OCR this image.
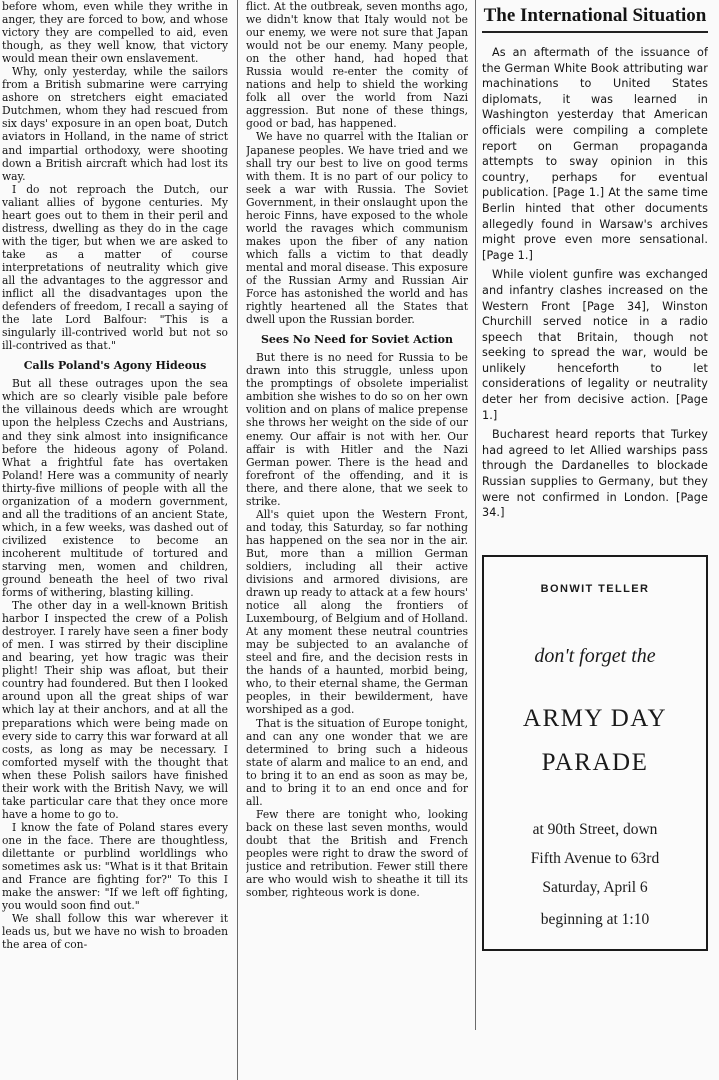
before whom, even while they writhe in anger, they are forced to bow, and whose victory they are compelled to aid, even though, as they well know, that victory would mean their own enslavement.

Why, only yesterday, while the sailors from a British submarine were carrying ashore on stretchers eight emaciated Dutchmen, whom they had rescued from six days' exposure in an open boat, Dutch aviators in Holland, in the name of strict and impartial orthodoxy, were shooting down a British aircraft which had lost its way.

I do not reproach the Dutch, our valiant allies of bygone centuries. My heart goes out to them in their peril and distress, dwelling as they do in the cage with the tiger, but when we are asked to take as a matter of course interpretations of neutrality which give all the advantages to the aggressor and inflict all the disadvantages upon the defenders of freedom, I recall a saying of the late Lord Balfour: "This is a singularly ill-contrived world but not so ill-contrived as that."

Calls Poland's Agony Hideous

But all these outrages upon the sea which are so clearly visible pale before the villainous deeds which are wrought upon the helpless Czechs and Austrians, and they sink almost into insignificance before the hideous agony of Poland. What a frightful fate has overtaken Poland! Here was a community of nearly thirty-five millions of people with all the organization of a modern government, and all the traditions of an ancient State, which, in a few weeks, was dashed out of civilized existence to become an incoherent multitude of tortured and starving men, women and children, ground beneath the heel of two rival forms of withering, blasting killing.

The other day in a well-known British harbor I inspected the crew of a Polish destroyer. I rarely have seen a finer body of men. I was stirred by their discipline and bearing, yet how tragic was their plight! Their ship was afloat, but their country had foundered. But then I looked around upon all the great ships of war which lay at their anchors, and at all the preparations which were being made on every side to carry this war forward at all costs, as long as may be necessary. I comforted myself with the thought that when these Polish sailors have finished their work with the British Navy, we will take particular care that they once more have a home to go to.

I know the fate of Poland stares every one in the face. There are thoughtless, dilettante or purblind worldlings who sometimes ask us: "What is it that Britain and France are fighting for?" To this I make the answer: "If we left off fighting, you would soon find out."

We shall follow this war wherever it leads us, but we have no wish to broaden the area of con-

flict. At the outbreak, seven months ago, we didn't know that Italy would not be our enemy, we were not sure that Japan would not be our enemy. Many people, on the other hand, had hoped that Russia would re-enter the comity of nations and help to shield the working folk all over the world from Nazi aggression. But none of these things, good or bad, has happened.

We have no quarrel with the Italian or Japanese peoples. We have tried and we shall try our best to live on good terms with them. It is no part of our policy to seek a war with Russia. The Soviet Government, in their onslaught upon the heroic Finns, have exposed to the whole world the ravages which communism makes upon the fiber of any nation which falls a victim to that deadly mental and moral disease. This exposure of the Russian Army and Russian Air Force has astonished the world and has rightly heartened all the States that dwell upon the Russian border.

Sees No Need for Soviet Action

But there is no need for Russia to be drawn into this struggle, unless upon the promptings of obsolete imperialist ambition she wishes to do so on her own volition and on plans of malice prepense she throws her weight on the side of our enemy. Our affair is not with her. Our affair is with Hitler and the Nazi German power. There is the head and forefront of the offending, and it is there, and there alone, that we seek to strike.

All's quiet upon the Western Front, and today, this Saturday, so far nothing has happened on the sea nor in the air. But, more than a million German soldiers, including all their active divisions and armored divisions, are drawn up ready to attack at a few hours' notice all along the frontiers of Luxembourg, of Belgium and of Holland. At any moment these neutral countries may be subjected to an avalanche of steel and fire, and the decision rests in the hands of a haunted, morbid being, who, to their eternal shame, the German peoples, in their bewilderment, have worshiped as a god.

That is the situation of Europe tonight, and can any one wonder that we are determined to bring such a hideous state of alarm and malice to an end, and to bring it to an end as soon as may be, and to bring it to an end once and for all.

Few there are tonight who, looking back on these last seven months, would doubt that the British and French peoples were right to draw the sword of justice and retribution. Fewer still there are who would wish to sheathe it till its somber, righteous work is done.

The International Situation

As an aftermath of the issuance of the German White Book attributing war machinations to United States diplomats, it was learned in Washington yesterday that American officials were compiling a complete report on German propaganda attempts to sway opinion in this country, perhaps for eventual publication. [Page 1.] At the same time Berlin hinted that other documents allegedly found in Warsaw's archives might prove even more sensational. [Page 1.]

While violent gunfire was exchanged and infantry clashes increased on the Western Front [Page 34], Winston Churchill served notice in a radio speech that Britain, though not seeking to spread the war, would be unlikely henceforth to let considerations of legality or neutrality deter her from decisive action. [Page 1.]

Bucharest heard reports that Turkey had agreed to let Allied warships pass through the Dardanelles to blockade Russian supplies to Germany, but they were not confirmed in London. [Page 34.]

BONWIT TELLER
don't forget the
ARMY DAY
PARADE
at 90th Street, down
Fifth Avenue to 63rd
Saturday, April 6
beginning at 1:10
